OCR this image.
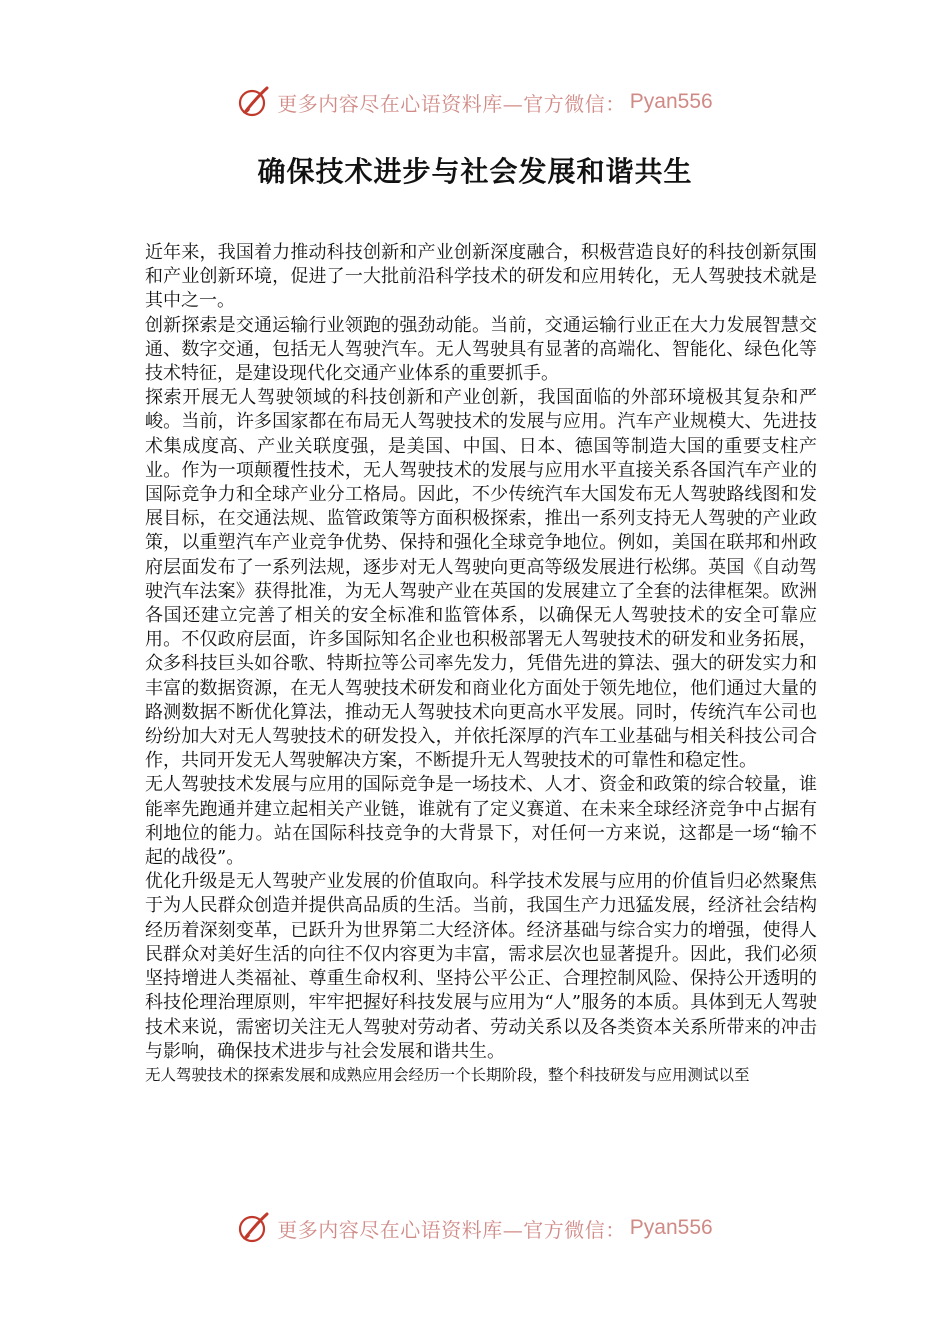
更多内容尽在心语资料库—官方微信： Pyan556
确保技术进步与社会发展和谐共生

近年来，我国着力推动科技创新和产业创新深度融合，积极营造良好的科技创新氛围和产业创新环境，促进了一大批前沿科学技术的研发和应用转化，无人驾驶技术就是其中之一。

创新探索是交通运输行业领跑的强劲动能。当前，交通运输行业正在大力发展智慧交通、数字交通，包括无人驾驶汽车。无人驾驶具有显著的高端化、智能化、绿色化等技术特征，是建设现代化交通产业体系的重要抓手。

探索开展无人驾驶领域的科技创新和产业创新，我国面临的外部环境极其复杂和严峻。当前，许多国家都在布局无人驾驶技术的发展与应用。汽车产业规模大、先进技术集成度高、产业关联度强，是美国、中国、日本、德国等制造大国的重要支柱产业。作为一项颠覆性技术，无人驾驶技术的发展与应用水平直接关系各国汽车产业的国际竞争力和全球产业分工格局。因此，不少传统汽车大国发布无人驾驶路线图和发展目标，在交通法规、监管政策等方面积极探索，推出一系列支持无人驾驶的产业政策，以重塑汽车产业竞争优势、保持和强化全球竞争地位。例如，美国在联邦和州政府层面发布了一系列法规，逐步对无人驾驶向更高等级发展进行松绑。英国《自动驾驶汽车法案》获得批准，为无人驾驶产业在英国的发展建立了全套的法律框架。欧洲各国还建立完善了相关的安全标准和监管体系，以确保无人驾驶技术的安全可靠应用。不仅政府层面，许多国际知名企业也积极部署无人驾驶技术的研发和业务拓展，众多科技巨头如谷歌、特斯拉等公司率先发力，凭借先进的算法、强大的研发实力和丰富的数据资源，在无人驾驶技术研发和商业化方面处于领先地位，他们通过大量的路测数据不断优化算法，推动无人驾驶技术向更高水平发展。同时，传统汽车公司也纷纷加大对无人驾驶技术的研发投入，并依托深厚的汽车工业基础与相关科技公司合作，共同开发无人驾驶解决方案，不断提升无人驾驶技术的可靠性和稳定性。

无人驾驶技术发展与应用的国际竞争是一场技术、人才、资金和政策的综合较量，谁能率先跑通并建立起相关产业链，谁就有了定义赛道、在未来全球经济竞争中占据有利地位的能力。站在国际科技竞争的大背景下，对任何一方来说，这都是一场“输不起的战役”。

优化升级是无人驾驶产业发展的价值取向。科学技术发展与应用的价值旨归必然聚焦于为人民群众创造并提供高品质的生活。当前，我国生产力迅猛发展，经济社会结构经历着深刻变革，已跃升为世界第二大经济体。经济基础与综合实力的增强，使得人民群众对美好生活的向往不仅内容更为丰富，需求层次也显著提升。因此，我们必须坚持增进人类福祉、尊重生命权利、坚持公平公正、合理控制风险、保持公开透明的科技伦理治理原则，牢牢把握好科技发展与应用为“人”服务的本质。具体到无人驾驶技术来说，需密切关注无人驾驶对劳动者、劳动关系以及各类资本关系所带来的冲击与影响，确保技术进步与社会发展和谐共生。

无人驾驶技术的探索发展和成熟应用会经历一个长期阶段，整个科技研发与应用测试以至

更多内容尽在心语资料库—官方微信： Pyan556
